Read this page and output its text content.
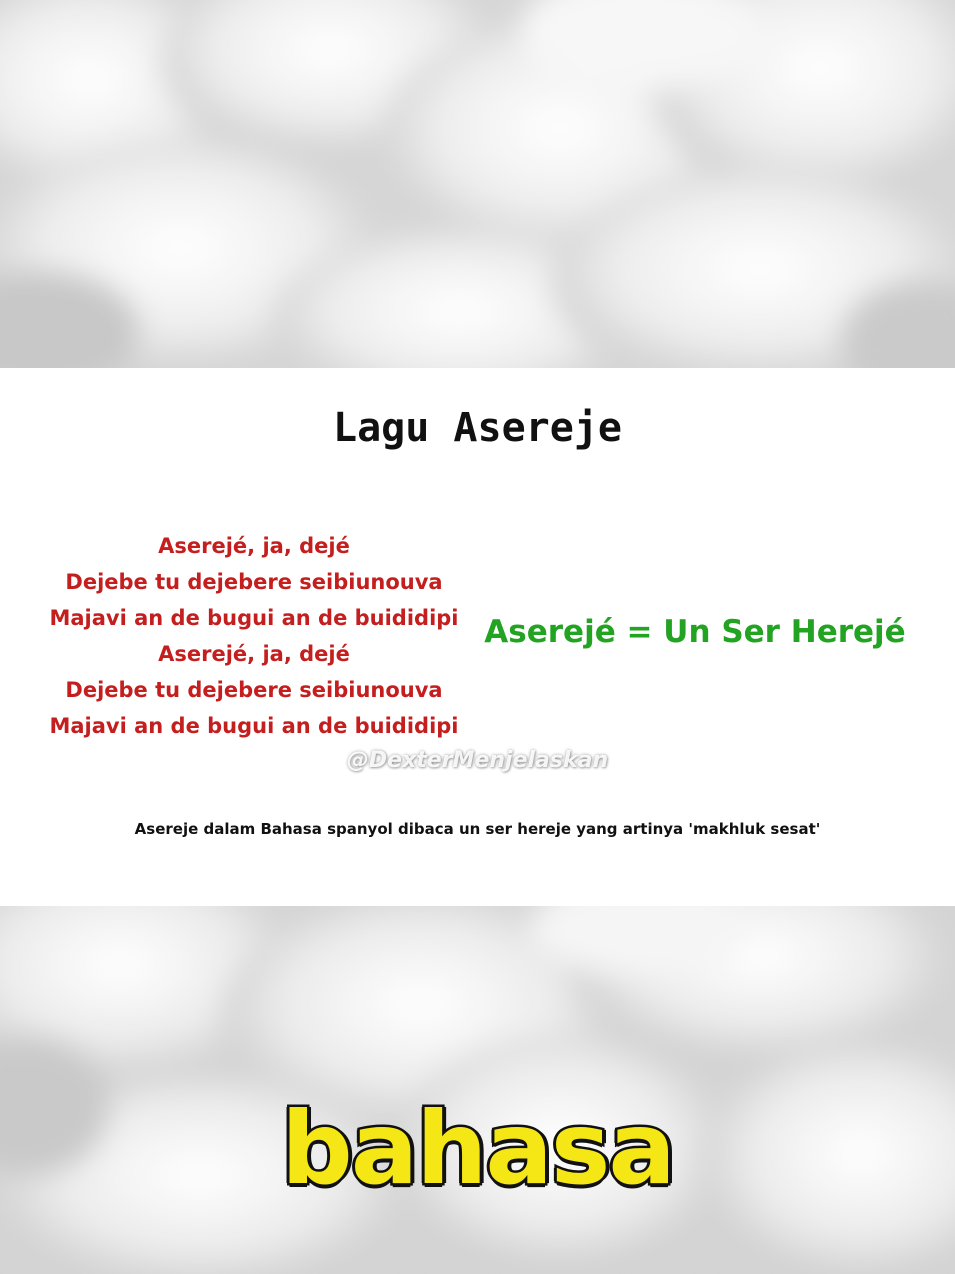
Lagu Asereje
Aserejé, ja, dejé
Dejebe tu dejebere seibiunouva
Majavi an de bugui an de buididipi
Aserejé, ja, dejé
Dejebe tu dejebere seibiunouva
Majavi an de bugui an de buididipi
Aserejé = Un Ser Herejé
@DexterMenjelaskan
Asereje dalam Bahasa spanyol dibaca un ser hereje yang artinya 'makhluk sesat'
bahasa
